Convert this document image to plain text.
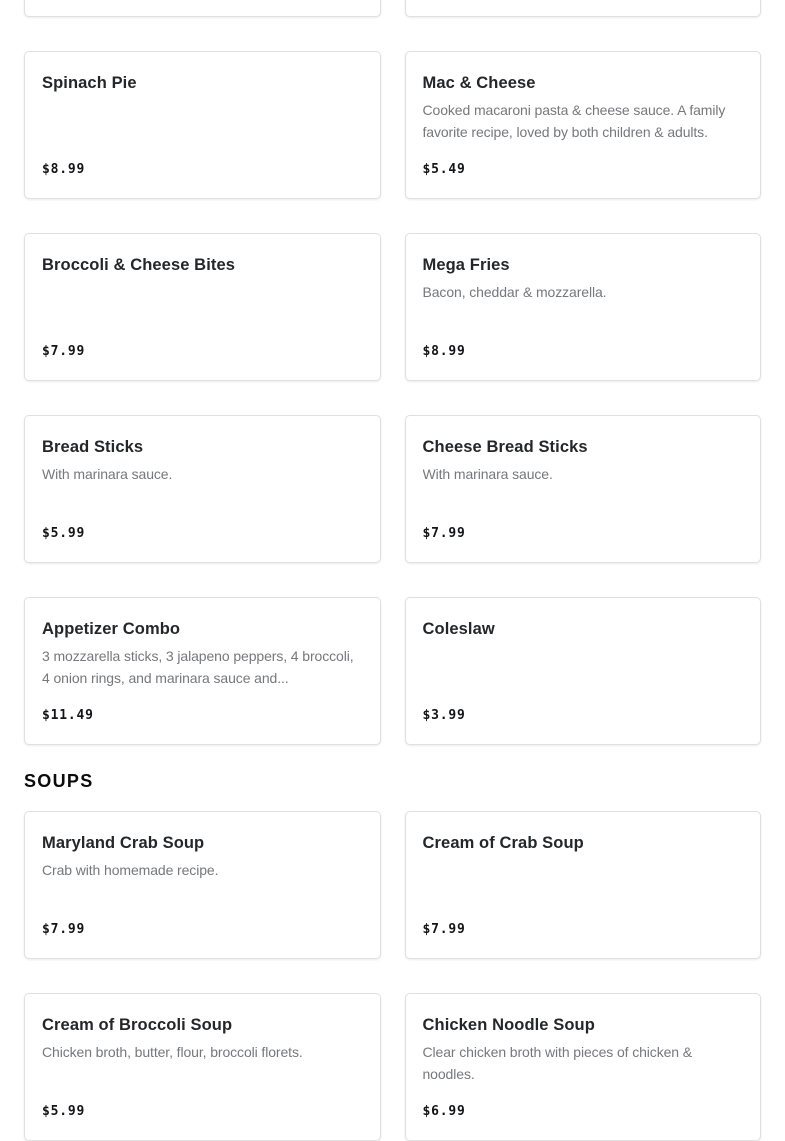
Spinach Pie
$8.99
Mac & Cheese
Cooked macaroni pasta & cheese sauce. A family favorite recipe, loved by both children & adults.
$5.49
Broccoli & Cheese Bites
$7.99
Mega Fries
Bacon, cheddar & mozzarella.
$8.99
Bread Sticks
With marinara sauce.
$5.99
Cheese Bread Sticks
With marinara sauce.
$7.99
Appetizer Combo
3 mozzarella sticks, 3 jalapeno peppers, 4 broccoli, 4 onion rings, and marinara sauce and...
$11.49
Coleslaw
$3.99
SOUPS
Maryland Crab Soup
Crab with homemade recipe.
$7.99
Cream of Crab Soup
$7.99
Cream of Broccoli Soup
Chicken broth, butter, flour, broccoli florets.
$5.99
Chicken Noodle Soup
Clear chicken broth with pieces of chicken & noodles.
$6.99
